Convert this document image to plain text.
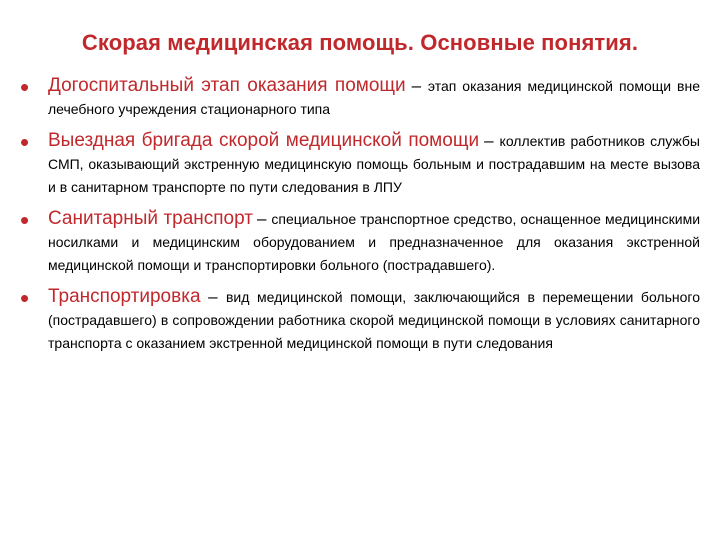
Скорая медицинская помощь. Основные понятия.
• Догоспитальный этап оказания помощи – этап оказания медицинской помощи вне лечебного учреждения стационарного типа
• Выездная бригада скорой медицинской помощи – коллектив работников службы СМП, оказывающий экстренную медицинскую помощь больным и пострадавшим на месте вызова и в санитарном транспорте по пути следования в ЛПУ
• Санитарный транспорт – специальное транспортное средство, оснащенное медицинскими носилками и медицинским оборудованием и предназначенное для оказания экстренной медицинской помощи и транспортировки больного (пострадавшего).
• Транспортировка – вид медицинской помощи, заключающийся в перемещении больного (пострадавшего) в сопровождении работника скорой медицинской помощи в условиях санитарного транспорта с оказанием экстренной медицинской помощи в пути следования
